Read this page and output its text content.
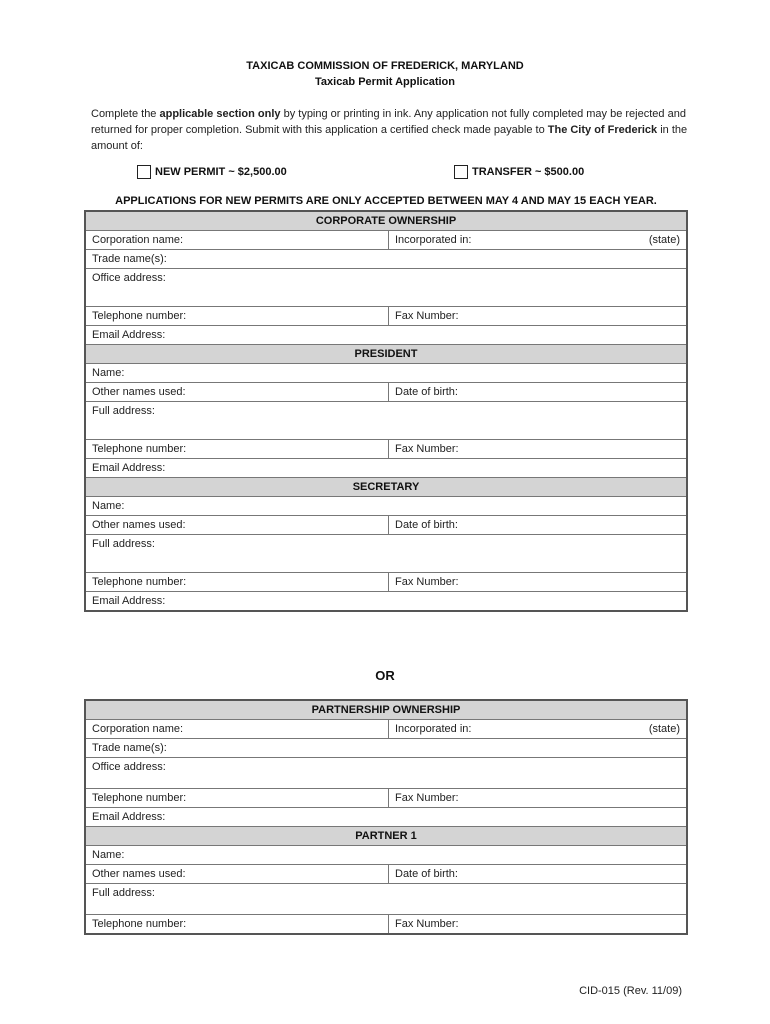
TAXICAB COMMISSION OF FREDERICK, MARYLAND
Taxicab Permit Application
Complete the applicable section only by typing or printing in ink. Any application not fully completed may be rejected and returned for proper completion. Submit with this application a certified check made payable to The City of Frederick in the amount of:
NEW PERMIT ~ $2,500.00	TRANSFER ~ $500.00
APPLICATIONS FOR NEW PERMITS ARE ONLY ACCEPTED BETWEEN MAY 4 AND MAY 15 EACH YEAR.
CORPORATE OWNERSHIP	
Corporation name:	Incorporated in: (state)

Trade name(s):	
Office address:	
Telephone number:	Fax Number:
Email Address:	
PRESIDENT	
Name:	
Other names used:	Date of birth:
Full address:	
Telephone number:	Fax Number:
Email Address:	
SECRETARY	
Name:	
Other names used:	Date of birth:
Full address:	
Telephone number:	Fax Number:
Email Address:	
OR
PARTNERSHIP OWNERSHIP	
Corporation name:	Incorporated in: (state)

Trade name(s):	
Office address:	
Telephone number:	Fax Number:
Email Address:	
PARTNER 1	
Name:	
Other names used:	Date of birth:
Full address:	
Telephone number:	Fax Number:
CID-015 (Rev. 11/09)
